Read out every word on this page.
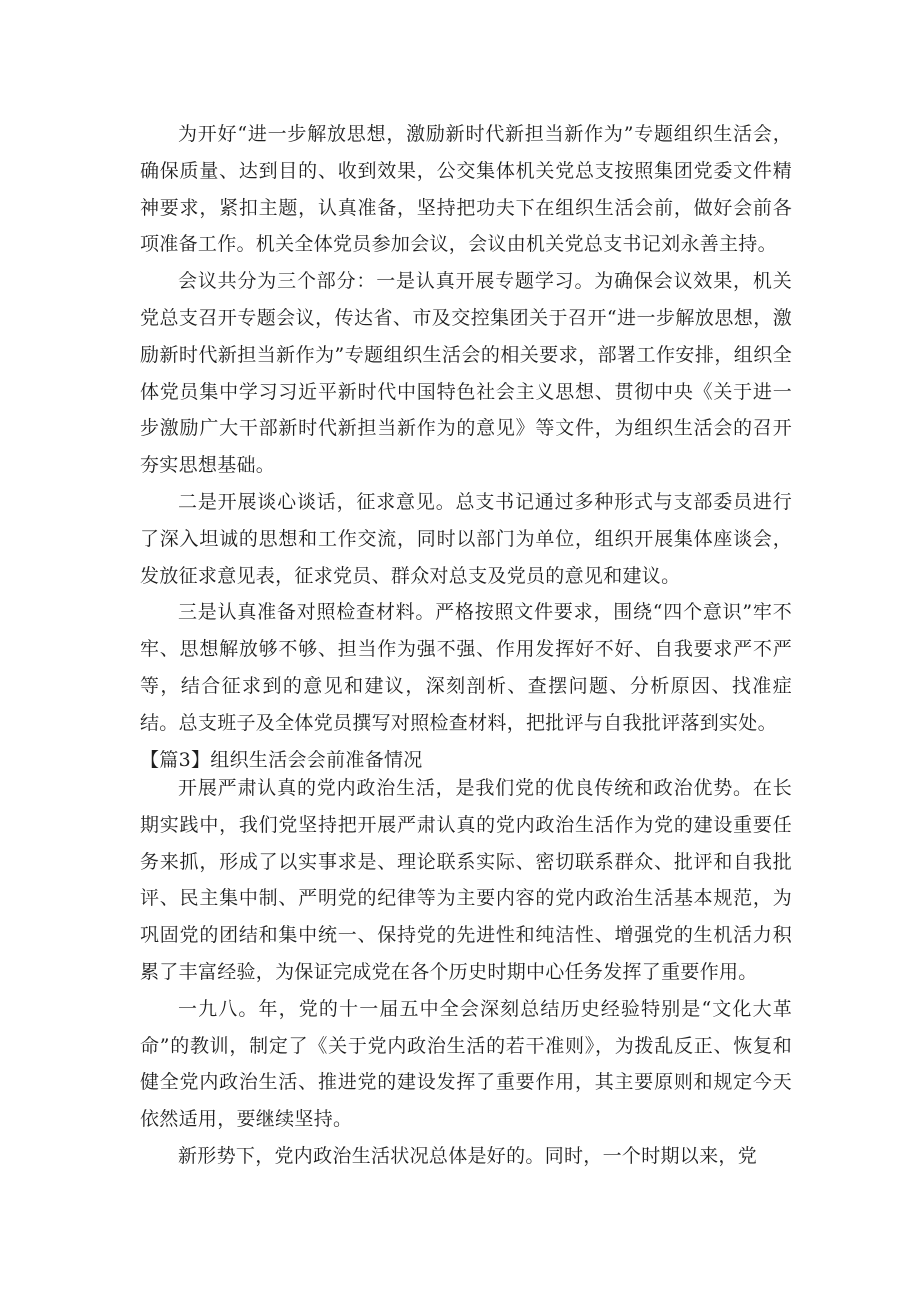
为开好“进一步解放思想，激励新时代新担当新作为”专题组织生活会，确保质量、达到目的、收到效果，公交集体机关党总支按照集团党委文件精神要求，紧扣主题，认真准备，坚持把功夫下在组织生活会前，做好会前各项准备工作。机关全体党员参加会议，会议由机关党总支书记刘永善主持。

会议共分为三个部分：一是认真开展专题学习。为确保会议效果，机关党总支召开专题会议，传达省、市及交控集团关于召开“进一步解放思想，激励新时代新担当新作为”专题组织生活会的相关要求，部署工作安排，组织全体党员集中学习习近平新时代中国特色社会主义思想、贯彻中央《关于进一步激励广大干部新时代新担当新作为的意见》等文件，为组织生活会的召开夯实思想基础。

二是开展谈心谈话，征求意见。总支书记通过多种形式与支部委员进行了深入坦诚的思想和工作交流，同时以部门为单位，组织开展集体座谈会，发放征求意见表，征求党员、群众对总支及党员的意见和建议。

三是认真准备对照检查材料。严格按照文件要求，围绕“四个意识”牢不牢、思想解放够不够、担当作为强不强、作用发挥好不好、自我要求严不严等，结合征求到的意见和建议，深刻剖析、查摆问题、分析原因、找准症结。总支班子及全体党员撰写对照检查材料，把批评与自我批评落到实处。

【篇3】组织生活会会前准备情况

开展严肃认真的党内政治生活，是我们党的优良传统和政治优势。在长期实践中，我们党坚持把开展严肃认真的党内政治生活作为党的建设重要任务来抓，形成了以实事求是、理论联系实际、密切联系群众、批评和自我批评、民主集中制、严明党的纪律等为主要内容的党内政治生活基本规范，为巩固党的团结和集中统一、保持党的先进性和纯洁性、增强党的生机活力积累了丰富经验，为保证完成党在各个历史时期中心任务发挥了重要作用。

一九八。年，党的十一届五中全会深刻总结历史经验特别是“文化大革命”的教训，制定了《关于党内政治生活的若干准则》，为拨乱反正、恢复和健全党内政治生活、推进党的建设发挥了重要作用，其主要原则和规定今天依然适用，要继续坚持。

新形势下，党内政治生活状况总体是好的。同时，一个时期以来，党
